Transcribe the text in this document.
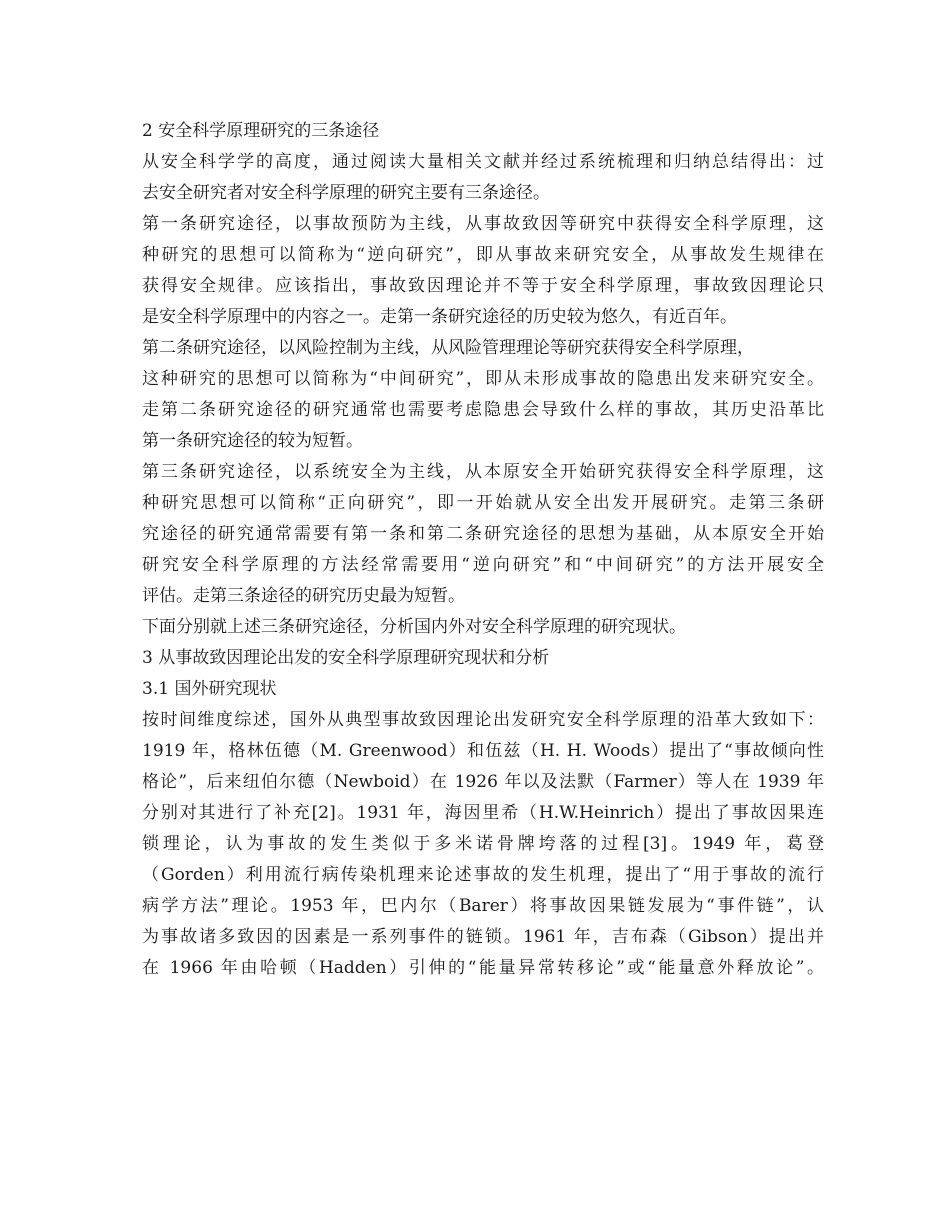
2 安全科学原理研究的三条途径
从安全科学学的高度，通过阅读大量相关文献并经过系统梳理和归纳总结得出：过
去安全研究者对安全科学原理的研究主要有三条途径。
第一条研究途径，以事故预防为主线，从事故致因等研究中获得安全科学原理，这
种研究的思想可以简称为“逆向研究”，即从事故来研究安全，从事故发生规律在
获得安全规律。应该指出，事故致因理论并不等于安全科学原理，事故致因理论只
是安全科学原理中的内容之一。走第一条研究途径的历史较为悠久，有近百年。
第二条研究途径，以风险控制为主线，从风险管理理论等研究获得安全科学原理，
这种研究的思想可以简称为“中间研究”，即从未形成事故的隐患出发来研究安全。
走第二条研究途径的研究通常也需要考虑隐患会导致什么样的事故，其历史沿革比
第一条研究途径的较为短暂。
第三条研究途径，以系统安全为主线，从本原安全开始研究获得安全科学原理，这
种研究思想可以简称“正向研究”，即一开始就从安全出发开展研究。走第三条研
究途径的研究通常需要有第一条和第二条研究途径的思想为基础，从本原安全开始
研究安全科学原理的方法经常需要用“逆向研究”和“中间研究”的方法开展安全
评估。走第三条途径的研究历史最为短暂。
下面分别就上述三条研究途径，分析国内外对安全科学原理的研究现状。
3 从事故致因理论出发的安全科学原理研究现状和分析
3.1 国外研究现状
按时间维度综述，国外从典型事故致因理论出发研究安全科学原理的沿革大致如下：
1919 年，格林伍德（M. Greenwood）和伍兹（H. H. Woods）提出了“事故倾向性
格论”，后来纽伯尔德（Newboid）在 1926 年以及法默（Farmer）等人在 1939 年
分别对其进行了补充[2]。1931 年，海因里希（H.W.Heinrich）提出了事故因果连
锁理论，认为事故的发生类似于多米诺骨牌垮落的过程[3]。1949 年，葛登
（Gorden）利用流行病传染机理来论述事故的发生机理，提出了“用于事故的流行
病学方法”理论。1953 年，巴内尔（Barer）将事故因果链发展为“事件链”，认
为事故诸多致因的因素是一系列事件的链锁。1961 年，吉布森（Gibson）提出并
在 1966 年由哈顿（Hadden）引伸的“能量异常转移论”或“能量意外释放论”。
